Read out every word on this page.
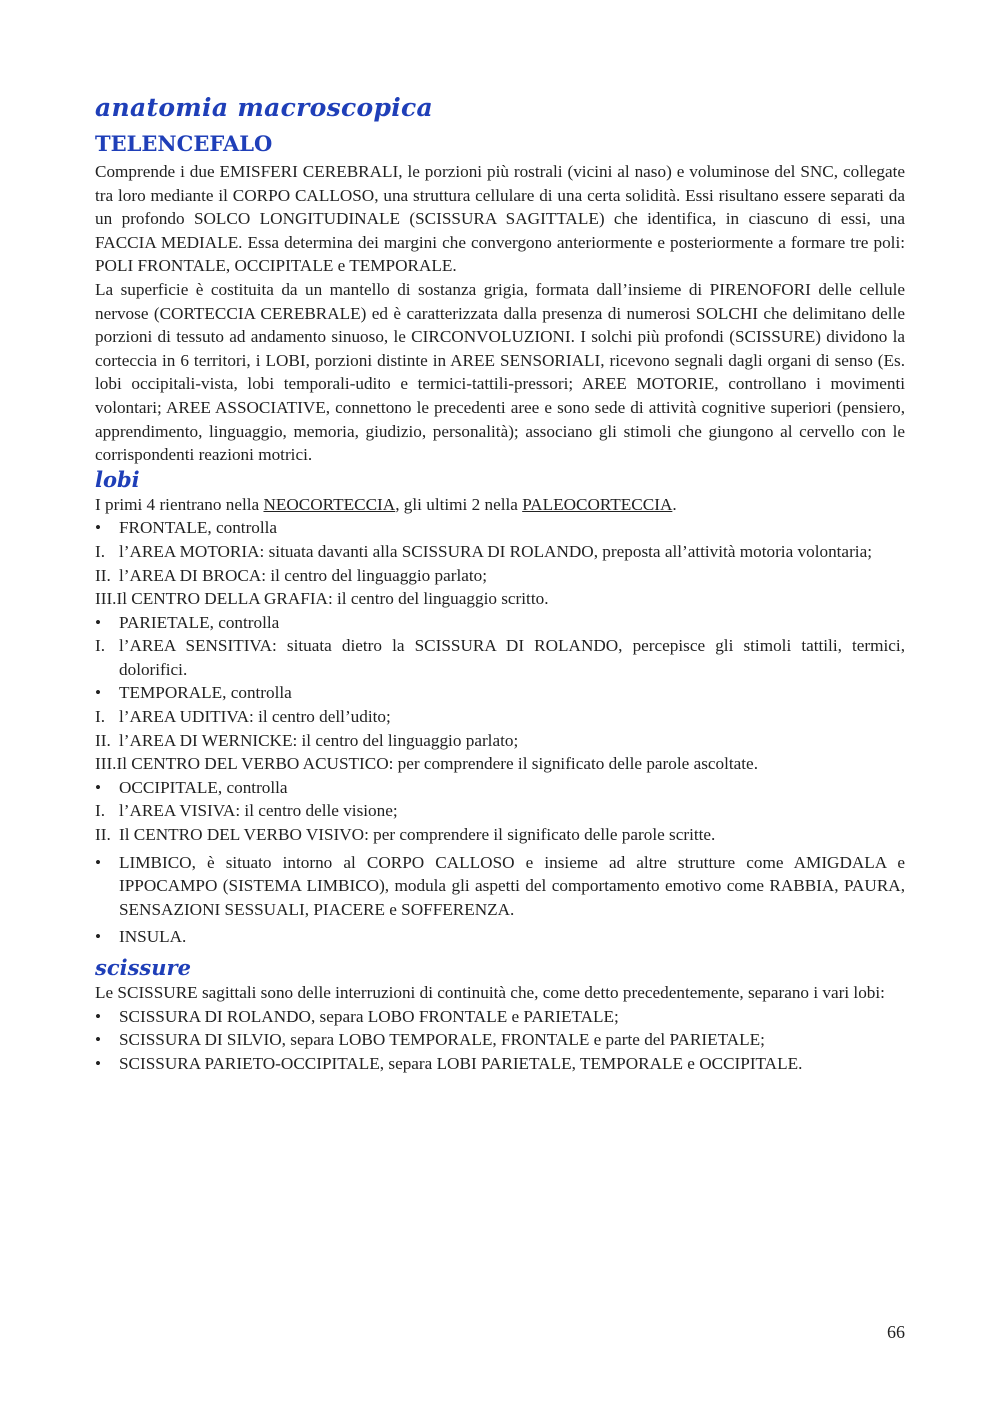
anatomia macroscopica
TELENCEFALO

Comprende i due EMISFERI CEREBRALI, le porzioni più rostrali (vicini al naso) e voluminose del SNC, collegate tra loro mediante il CORPO CALLOSO, una struttura cellulare di una certa solidità. Essi risultano essere separati da un profondo SOLCO LONGITUDINALE (SCISSURA SAGITTALE) che identifica, in ciascuno di essi, una FACCIA MEDIALE. Essa determina dei margini che convergono anteriormente e posteriormente a formare tre poli: POLI FRONTALE, OCCIPITALE e TEMPORALE.

La superficie è costituita da un mantello di sostanza grigia, formata dall’insieme di PIRENOFORI delle cellule nervose (CORTECCIA CEREBRALE) ed è caratterizzata dalla presenza di numerosi SOLCHI che delimitano delle porzioni di tessuto ad andamento sinuoso, le CIRCONVOLUZIONI. I solchi più profondi (SCISSURE) dividono la corteccia in 6 territori, i LOBI, porzioni distinte in AREE SENSORIALI, ricevono segnali dagli organi di senso (Es. lobi occipitali-vista, lobi temporali-udito e termici-tattili-pressori; AREE MOTORIE, controllano i movimenti volontari; AREE ASSOCIATIVE, connettono le precedenti aree e sono sede di attività cognitive superiori (pensiero, apprendimento, linguaggio, memoria, giudizio, personalità); associano gli stimoli che giungono al cervello con le corrispondenti reazioni motrici.

lobi

I primi 4 rientrano nella NEOCORTECCIA, gli ultimi 2 nella PALEOCORTECCIA.

• FRONTALE, controlla
I. l’AREA MOTORIA: situata davanti alla SCISSURA DI ROLANDO, preposta all’attività motoria volontaria;
II. l’AREA DI BROCA: il centro del linguaggio parlato;
III.Il CENTRO DELLA GRAFIA: il centro del linguaggio scritto.
• PARIETALE, controlla
I. l’AREA SENSITIVA: situata dietro la SCISSURA DI ROLANDO, percepisce gli stimoli tattili, termici, dolorifici.
• TEMPORALE, controlla
I. l’AREA UDITIVA: il centro dell’udito;
II. l’AREA DI WERNICKE: il centro del linguaggio parlato;
III.Il CENTRO DEL VERBO ACUSTICO: per comprendere il significato delle parole ascoltate.
• OCCIPITALE, controlla
I. l’AREA VISIVA: il centro delle visione;
II. Il CENTRO DEL VERBO VISIVO: per comprendere il significato delle parole scritte.
• LIMBICO, è situato intorno al CORPO CALLOSO e insieme ad altre strutture come AMIGDALA e IPPOCAMPO (SISTEMA LIMBICO), modula gli aspetti del comportamento emotivo come RABBIA, PAURA, SENSAZIONI SESSUALI, PIACERE e SOFFERENZA.
• INSULA.
scissure

Le SCISSURE sagittali sono delle interruzioni di continuità che, come detto precedentemente, separano i vari lobi:

• SCISSURA DI ROLANDO, separa LOBO FRONTALE e PARIETALE;
• SCISSURA DI SILVIO, separa LOBO TEMPORALE, FRONTALE e parte del PARIETALE;
• SCISSURA PARIETO-OCCIPITALE, separa LOBI PARIETALE, TEMPORALE e OCCIPITALE.
66
